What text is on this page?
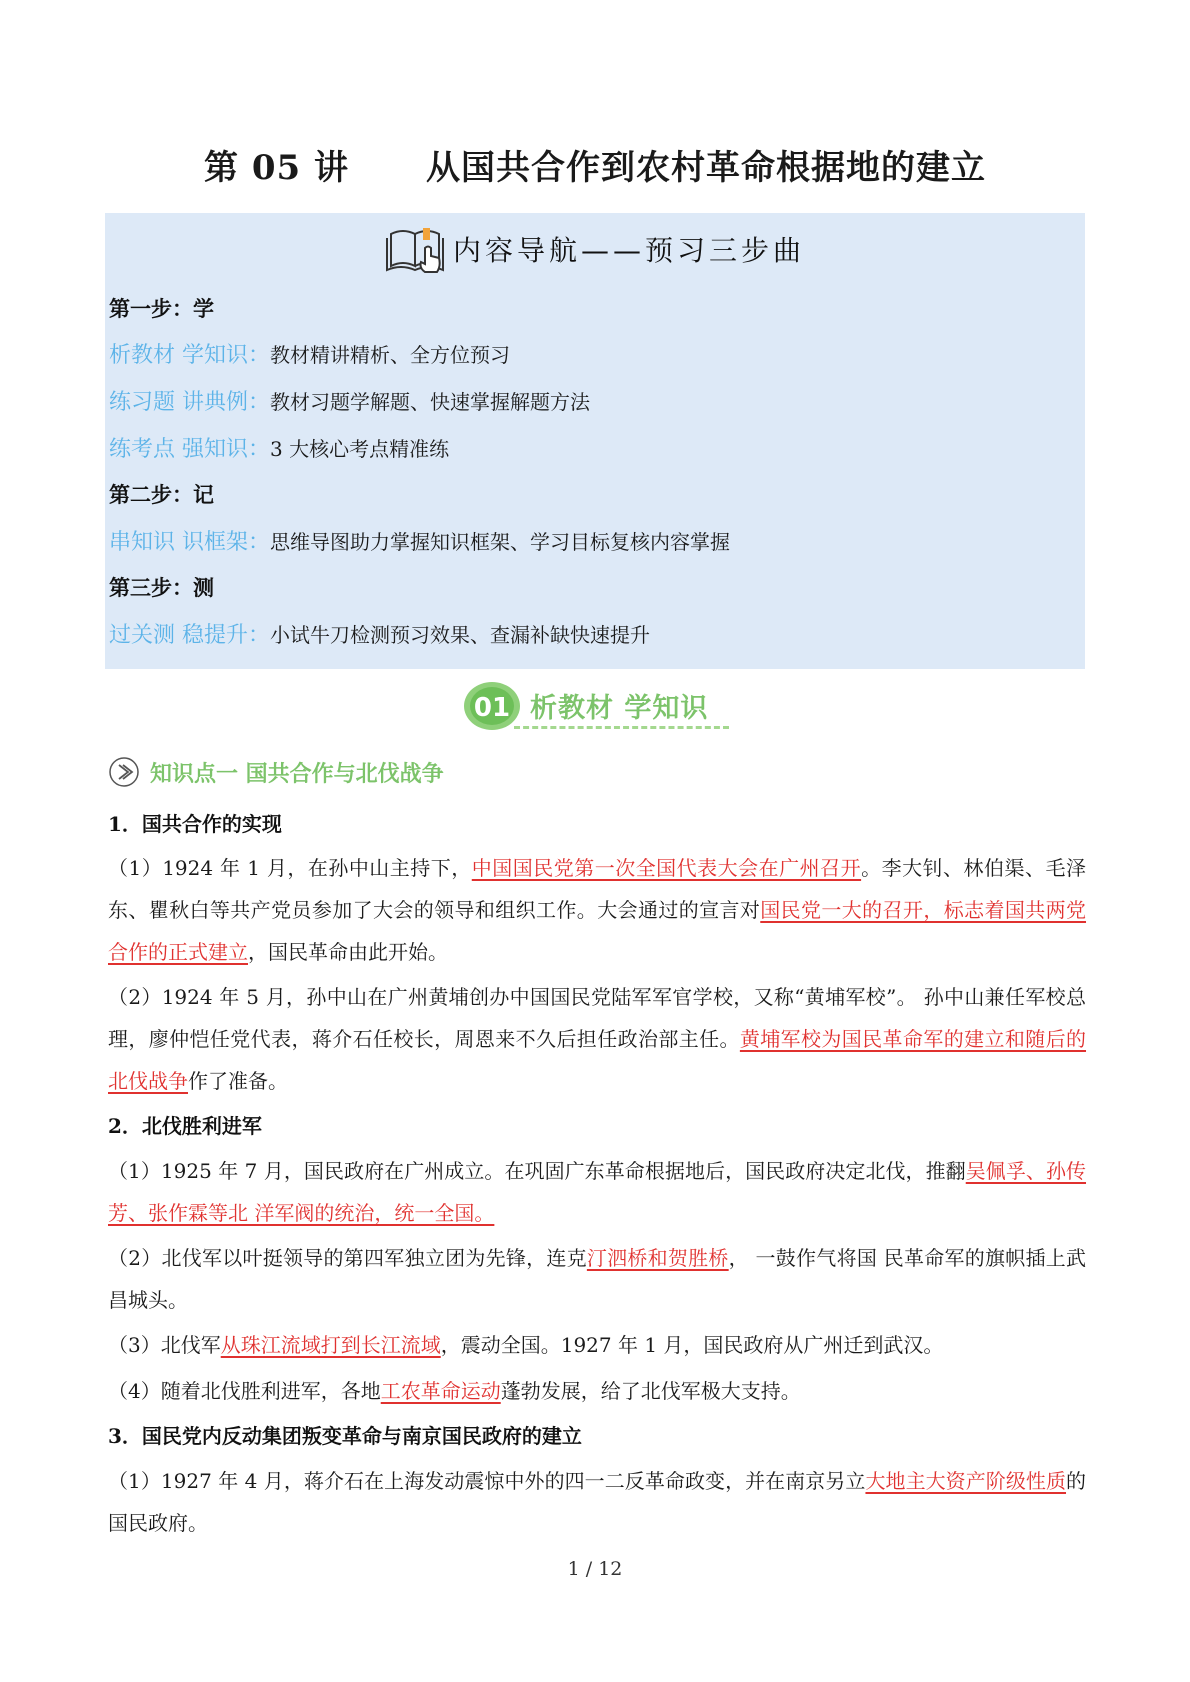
第 05 讲      从国共合作到农村革命根据地的建立
内容导航——预习三步曲
第一步：学
析教材 学知识：教材精讲精析、全方位预习
练习题 讲典例：教材习题学解题、快速掌握解题方法
练考点 强知识：3 大核心考点精准练
第二步：记
串知识 识框架：思维导图助力掌握知识框架、学习目标复核内容掌握
第三步：测
过关测 稳提升：小试牛刀检测预习效果、查漏补缺快速提升
01 析教材 学知识
知识点一 国共合作与北伐战争
1．国共合作的实现
（1）1924 年 1 月，在孙中山主持下，中国国民党第一次全国代表大会在广州召开。李大钊、林伯渠、毛泽东、瞿秋白等共产党员参加了大会的领导和组织工作。大会通过的宣言对国民党一大的召开，标志着国共两党合作的正式建立，国民革命由此开始。
（2）1924 年 5 月，孙中山在广州黄埔创办中国国民党陆军军官学校，又称“黄埔军校”。 孙中山兼任军校总理，廖仲恺任党代表，蒋介石任校长，周恩来不久后担任政治部主任。黄埔军校为国民革命军的建立和随后的北伐战争作了准备。
2．北伐胜利进军
（1）1925 年 7 月，国民政府在广州成立。在巩固广东革命根据地后，国民政府决定北伐，推翻吴佩孚、孙传芳、张作霖等北 洋军阀的统治，统一全国。
（2）北伐军以叶挺领导的第四军独立团为先锋，连克汀泗桥和贺胜桥， 一鼓作气将国 民革命军的旗帜插上武昌城头。
（3）北伐军从珠江流域打到长江流域，震动全国。1927 年 1 月，国民政府从广州迁到武汉。
（4）随着北伐胜利进军，各地工农革命运动蓬勃发展，给了北伐军极大支持。
3．国民党内反动集团叛变革命与南京国民政府的建立
（1）1927 年 4 月，蒋介石在上海发动震惊中外的四一二反革命政变，并在南京另立大地主大资产阶级性质的国民政府。
1 / 12
